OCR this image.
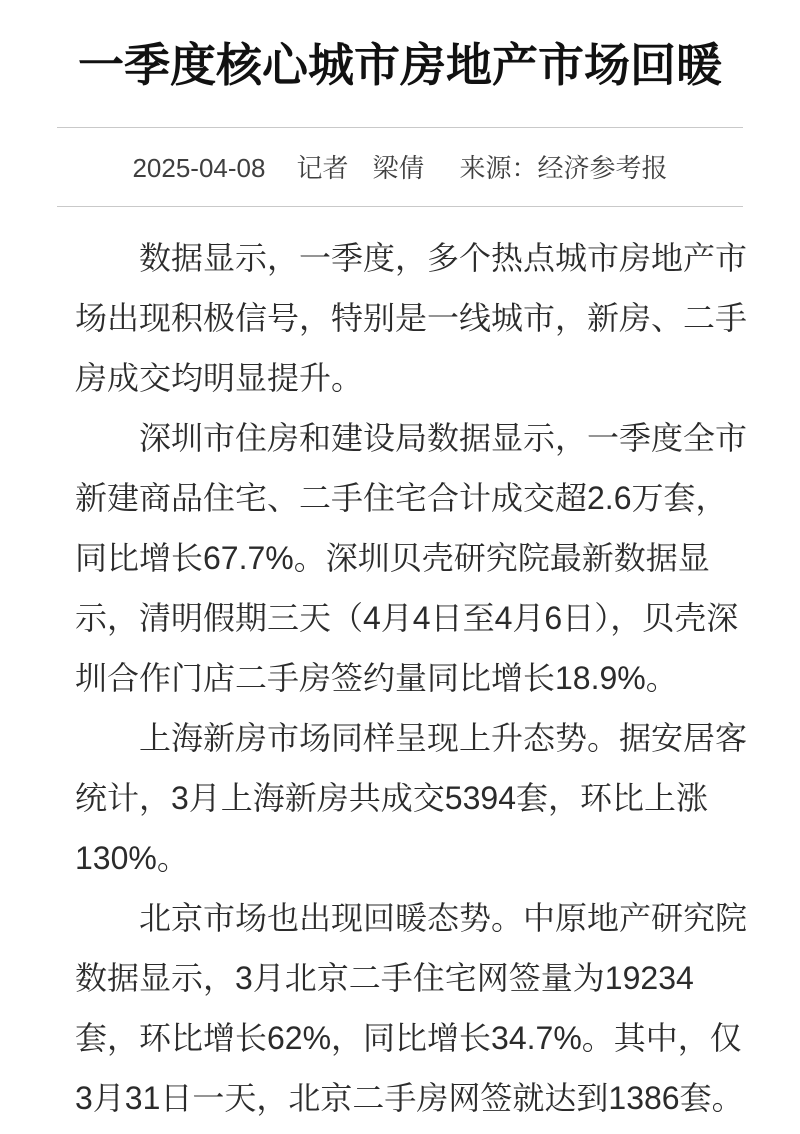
一季度核心城市房地产市场回暖
2025-04-08 记者 梁倩 来源： 经济参考报

数据显示，一季度，多个热点城市房地产市场出现积极信号，特别是一线城市，新房、二手房成交均明显提升。

深圳市住房和建设局数据显示，一季度全市新建商品住宅、二手住宅合计成交超2.6万套，同比增长67.7%。深圳贝壳研究院最新数据显示，清明假期三天（4月4日至4月6日），贝壳深圳合作门店二手房签约量同比增长18.9%。

上海新房市场同样呈现上升态势。据安居客统计，3月上海新房共成交5394套，环比上涨130%。

北京市场也出现回暖态势。中原地产研究院数据显示，3月北京二手住宅网签量为19234套，环比增长62%，同比增长34.7%。其中，仅3月31日一天，北京二手房网签就达到1386套。
